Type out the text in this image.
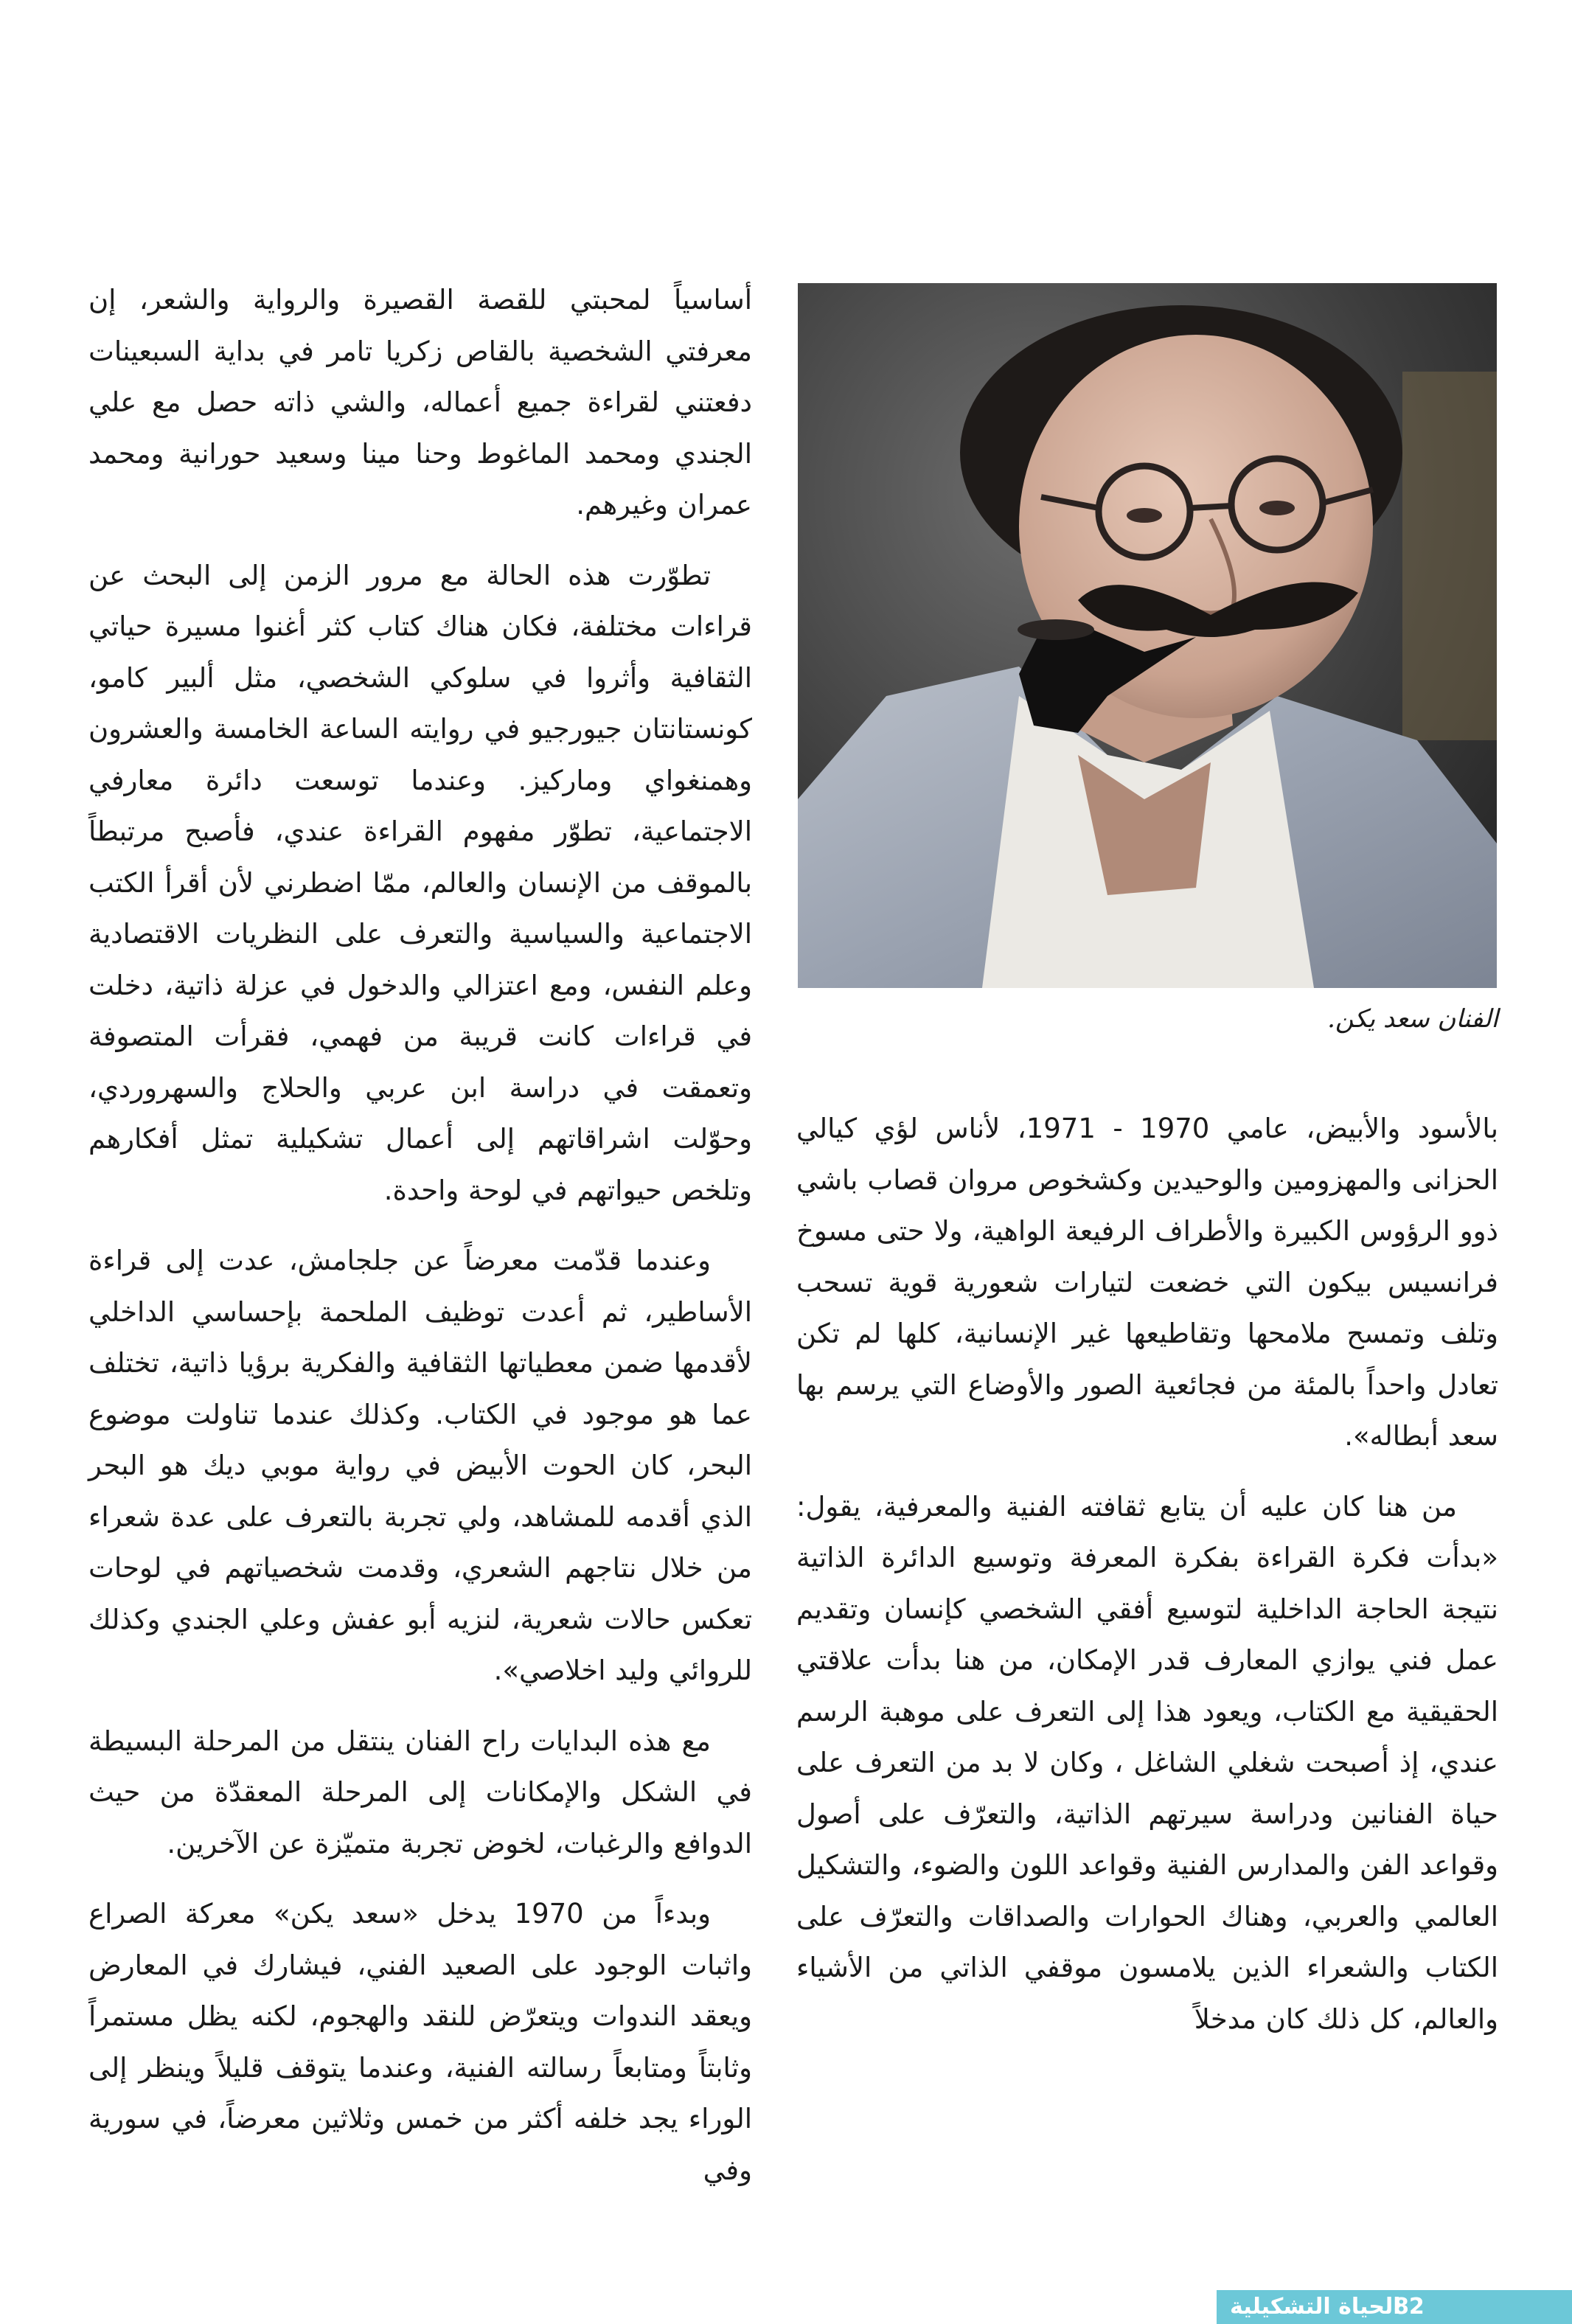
الفنان سعد يكن.

بالأسود والأبيض، عامي 1970 - 1971، لأناس لؤي كيالي الحزانى والمهزومين والوحيدين وكشخوص مروان قصاب باشي ذوو الرؤوس الكبيرة والأطراف الرفيعة الواهية، ولا حتى مسوخ فرانسيس بيكون التي خضعت لتيارات شعورية قوية تسحب وتلف وتمسح ملامحها وتقاطيعها غير الإنسانية، كلها لم تكن تعادل واحداً بالمئة من فجائعية الصور والأوضاع التي يرسم بها سعد أبطاله».

من هنا كان عليه أن يتابع ثقافته الفنية والمعرفية، يقول: «بدأت فكرة القراءة بفكرة المعرفة وتوسيع الدائرة الذاتية نتيجة الحاجة الداخلية لتوسيع أفقي الشخصي كإنسان وتقديم عمل فني يوازي المعارف قدر الإمكان، من هنا بدأت علاقتي الحقيقية مع الكتاب، ويعود هذا إلى التعرف على موهبة الرسم عندي، إذ أصبحت شغلي الشاغل ، وكان لا بد من التعرف على حياة الفنانين ودراسة سيرتهم الذاتية، والتعرّف على أصول وقواعد الفن والمدارس الفنية وقواعد اللون والضوء، والتشكيل العالمي والعربي، وهناك الحوارات والصداقات والتعرّف على الكتاب والشعراء الذين يلامسون موقفي الذاتي من الأشياء والعالم، كل ذلك كان مدخلاً

أساسياً لمحبتي للقصة القصيرة والرواية والشعر، إن معرفتي الشخصية بالقاص زكريا تامر في بداية السبعينات دفعتني لقراءة جميع أعماله، والشي ذاته حصل مع علي الجندي ومحمد الماغوط وحنا مينا وسعيد حورانية ومحمد عمران وغيرهم.

تطوّرت هذه الحالة مع مرور الزمن إلى البحث عن قراءات مختلفة، فكان هناك كتاب كثر أغنوا مسيرة حياتي الثقافية وأثروا في سلوكي الشخصي، مثل ألبير كامو، كونستانتان جيورجيو في روايته الساعة الخامسة والعشرون وهمنغواي وماركيز. وعندما توسعت دائرة معارفي الاجتماعية، تطوّر مفهوم القراءة عندي، فأصبح مرتبطاً بالموقف من الإنسان والعالم، ممّا اضطرني لأن أقرأ الكتب الاجتماعية والسياسية والتعرف على النظريات الاقتصادية وعلم النفس، ومع اعتزالي والدخول في عزلة ذاتية، دخلت في قراءات كانت قريبة من فهمي، فقرأت المتصوفة وتعمقت في دراسة ابن عربي والحلاج والسهروردي، وحوّلت اشراقاتهم إلى أعمال تشكيلية تمثل أفكارهم وتلخص حيواتهم في لوحة واحدة.

وعندما قدّمت معرضاً عن جلجامش، عدت إلى قراءة الأساطير، ثم أعدت توظيف الملحمة بإحساسي الداخلي لأقدمها ضمن معطياتها الثقافية والفكرية برؤيا ذاتية، تختلف عما هو موجود في الكتاب. وكذلك عندما تناولت موضوع البحر، كان الحوت الأبيض في رواية موبي ديك هو البحر الذي أقدمه للمشاهد، ولي تجربة بالتعرف على عدة شعراء من خلال نتاجهم الشعري، وقدمت شخصياتهم في لوحات تعكس حالات شعرية، لنزيه أبو عفش وعلي الجندي وكذلك للروائي وليد اخلاصي».

مع هذه البدايات راح الفنان ينتقل من المرحلة البسيطة في الشكل والإمكانات إلى المرحلة المعقدّة من حيث الدوافع والرغبات، لخوض تجربة متميّزة عن الآخرين.

وبدءاً من 1970 يدخل «سعد يكن» معركة الصراع واثبات الوجود على الصعيد الفني، فيشارك في المعارض ويعقد الندوات ويتعرّض للنقد والهجوم، لكنه يظل مستمراً وثابتاً ومتابعاً رسالته الفنية، وعندما يتوقف قليلاً وينظر إلى الوراء يجد خلفه أكثر من خمس وثلاثين معرضاً، في سورية وفي

الحياة التشكيلية
82
